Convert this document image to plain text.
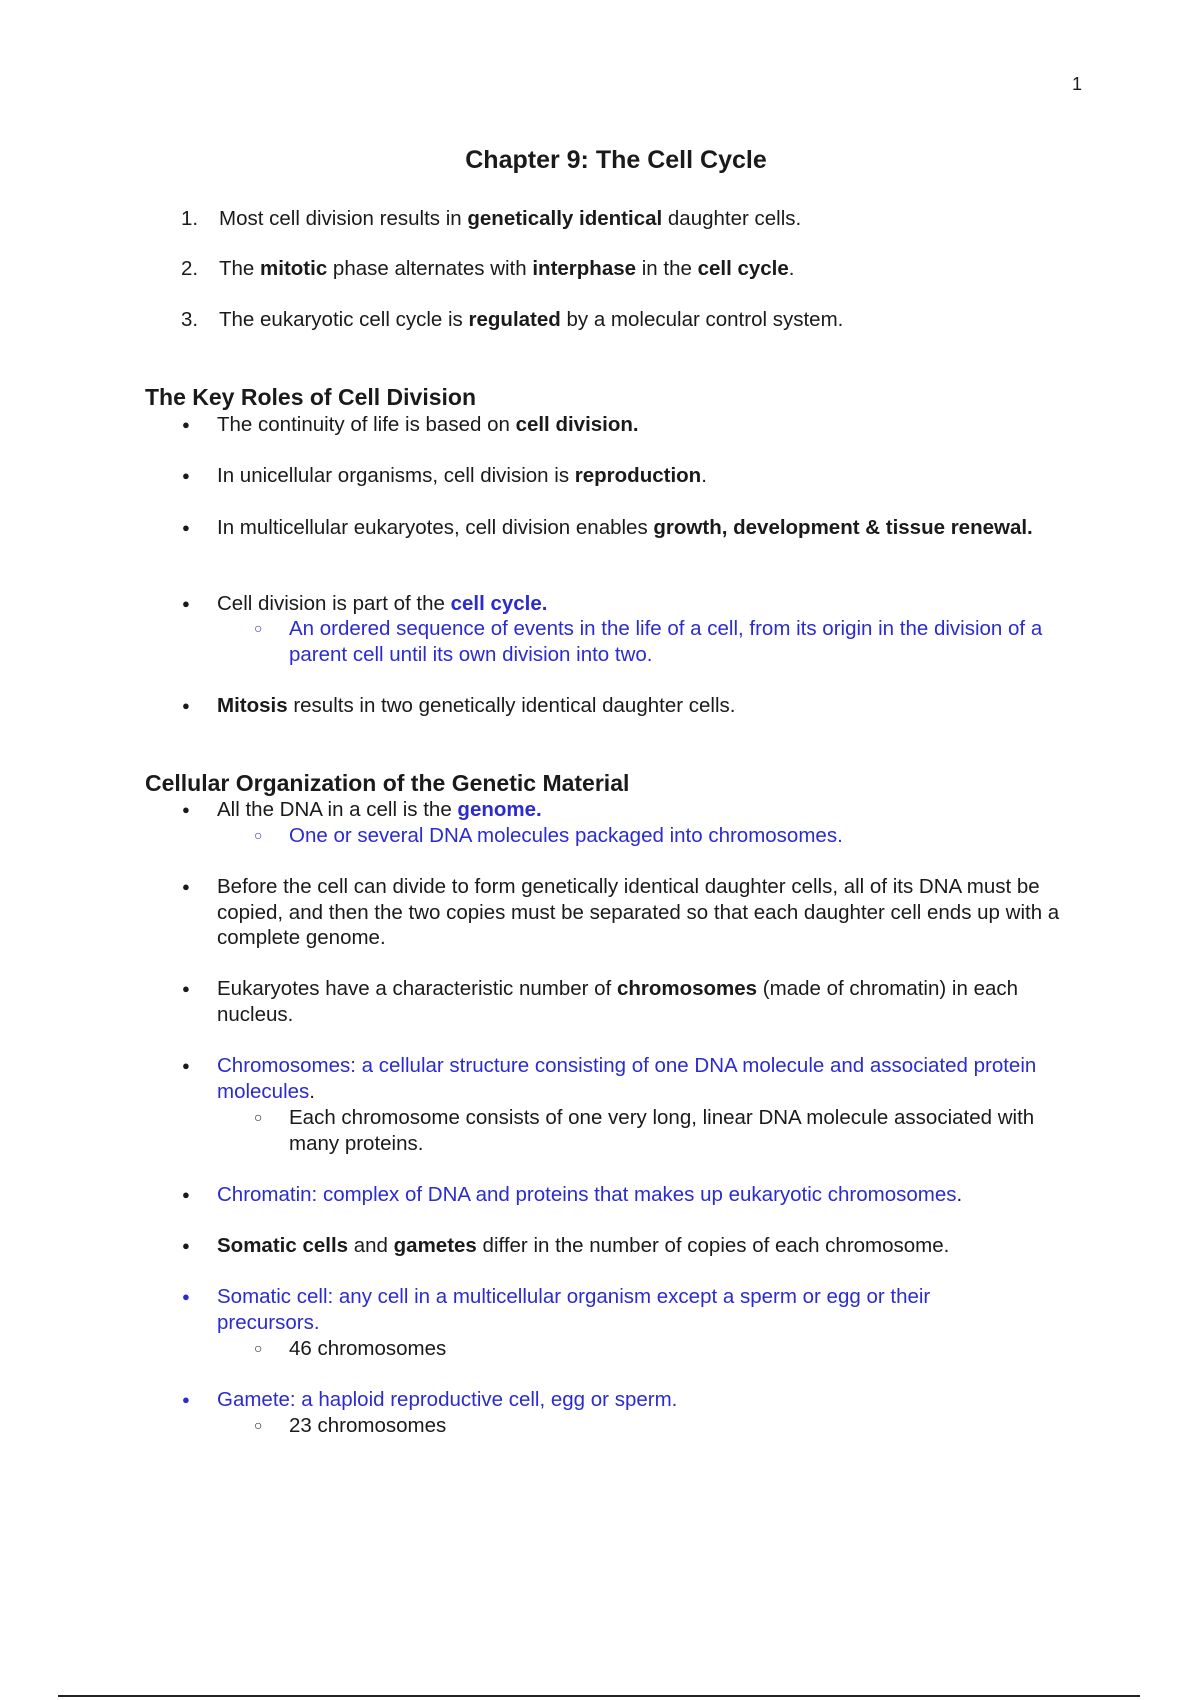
1
Chapter 9: The Cell Cycle
1. Most cell division results in genetically identical daughter cells.
2. The mitotic phase alternates with interphase in the cell cycle.
3. The eukaryotic cell cycle is regulated by a molecular control system.
The Key Roles of Cell Division
● The continuity of life is based on cell division.
● In unicellular organisms, cell division is reproduction.
● In multicellular eukaryotes, cell division enables growth, development & tissue renewal.
● Cell division is part of the cell cycle.
○ An ordered sequence of events in the life of a cell, from its origin in the division of a parent cell until its own division into two.
● Mitosis results in two genetically identical daughter cells.
Cellular Organization of the Genetic Material
● All the DNA in a cell is the genome.
○ One or several DNA molecules packaged into chromosomes.
● Before the cell can divide to form genetically identical daughter cells, all of its DNA must be copied, and then the two copies must be separated so that each daughter cell ends up with a complete genome.
● Eukaryotes have a characteristic number of chromosomes (made of chromatin) in each nucleus.
● Chromosomes: a cellular structure consisting of one DNA molecule and associated protein molecules.
○ Each chromosome consists of one very long, linear DNA molecule associated with many proteins.
● Chromatin: complex of DNA and proteins that makes up eukaryotic chromosomes.
● Somatic cells and gametes differ in the number of copies of each chromosome.
● Somatic cell: any cell in a multicellular organism except a sperm or egg or their precursors.
○ 46 chromosomes
● Gamete: a haploid reproductive cell, egg or sperm.
○ 23 chromosomes
